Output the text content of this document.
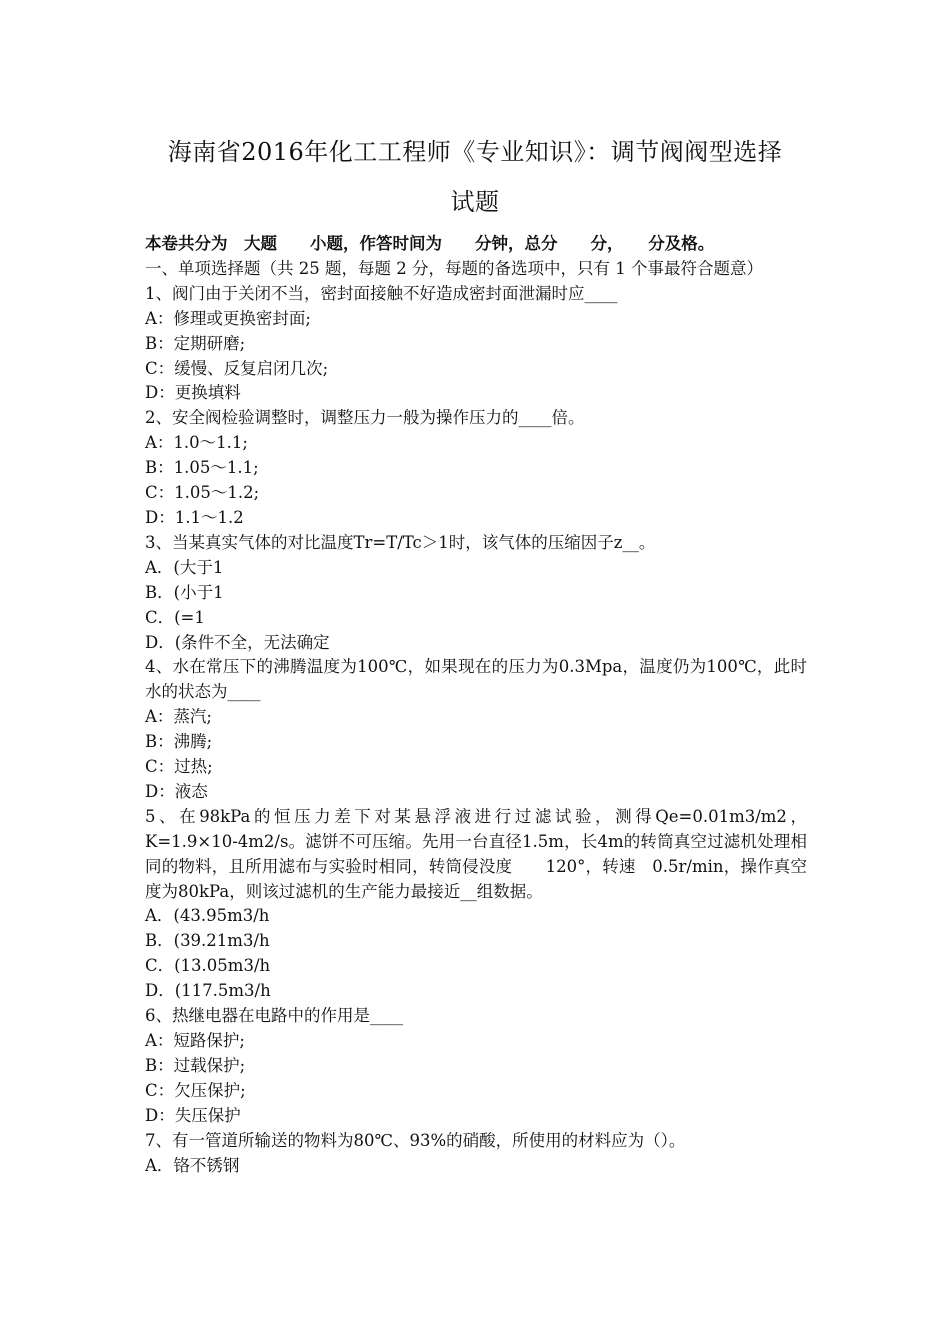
海南省2016年化工工程师《专业知识》：调节阀阀型选择
试题

本卷共分为　大题　　小题，作答时间为　　分钟，总分　　分，　　分及格。

一、单项选择题（共 25 题，每题 2 分，每题的备选项中，只有 1 个事最符合题意）

1、阀门由于关闭不当，密封面接触不好造成密封面泄漏时应____

A：修理或更换密封面;

B：定期研磨;

C：缓慢、反复启闭几次;

D：更换填料

2、安全阀检验调整时，调整压力一般为操作压力的____倍。

A：1.0～1.1;

B：1.05～1.1;

C：1.05～1.2;

D：1.1～1.2

3、当某真实气体的对比温度Tr=T/Tc＞1时，该气体的压缩因子z__。

A．(大于1

B．(小于1

C．(=1

D．(条件不全，无法确定

4、水在常压下的沸腾温度为100℃，如果现在的压力为0.3Mpa，温度仍为100℃，此时水的状态为____

A：蒸汽;

B：沸腾;

C：过热;

D：液态

5、在98kPa的恒压力差下对某悬浮液进行过滤试验，测得Qe=0.01m3/m2，K=1.9×10-4m2/s。滤饼不可压缩。先用一台直径1.5m，长4m的转筒真空过滤机处理相同的物料，且所用滤布与实验时相同，转筒侵没度　　120°，转速　0.5r/min，操作真空度为80kPa，则该过滤机的生产能力最接近__组数据。

A．(43.95m3/h

B．(39.21m3/h

C．(13.05m3/h

D．(117.5m3/h

6、热继电器在电路中的作用是____

A：短路保护;

B：过载保护;

C：欠压保护;

D：失压保护

7、有一管道所输送的物料为80℃、93%的硝酸，所使用的材料应为（）。

A．铬不锈钢
